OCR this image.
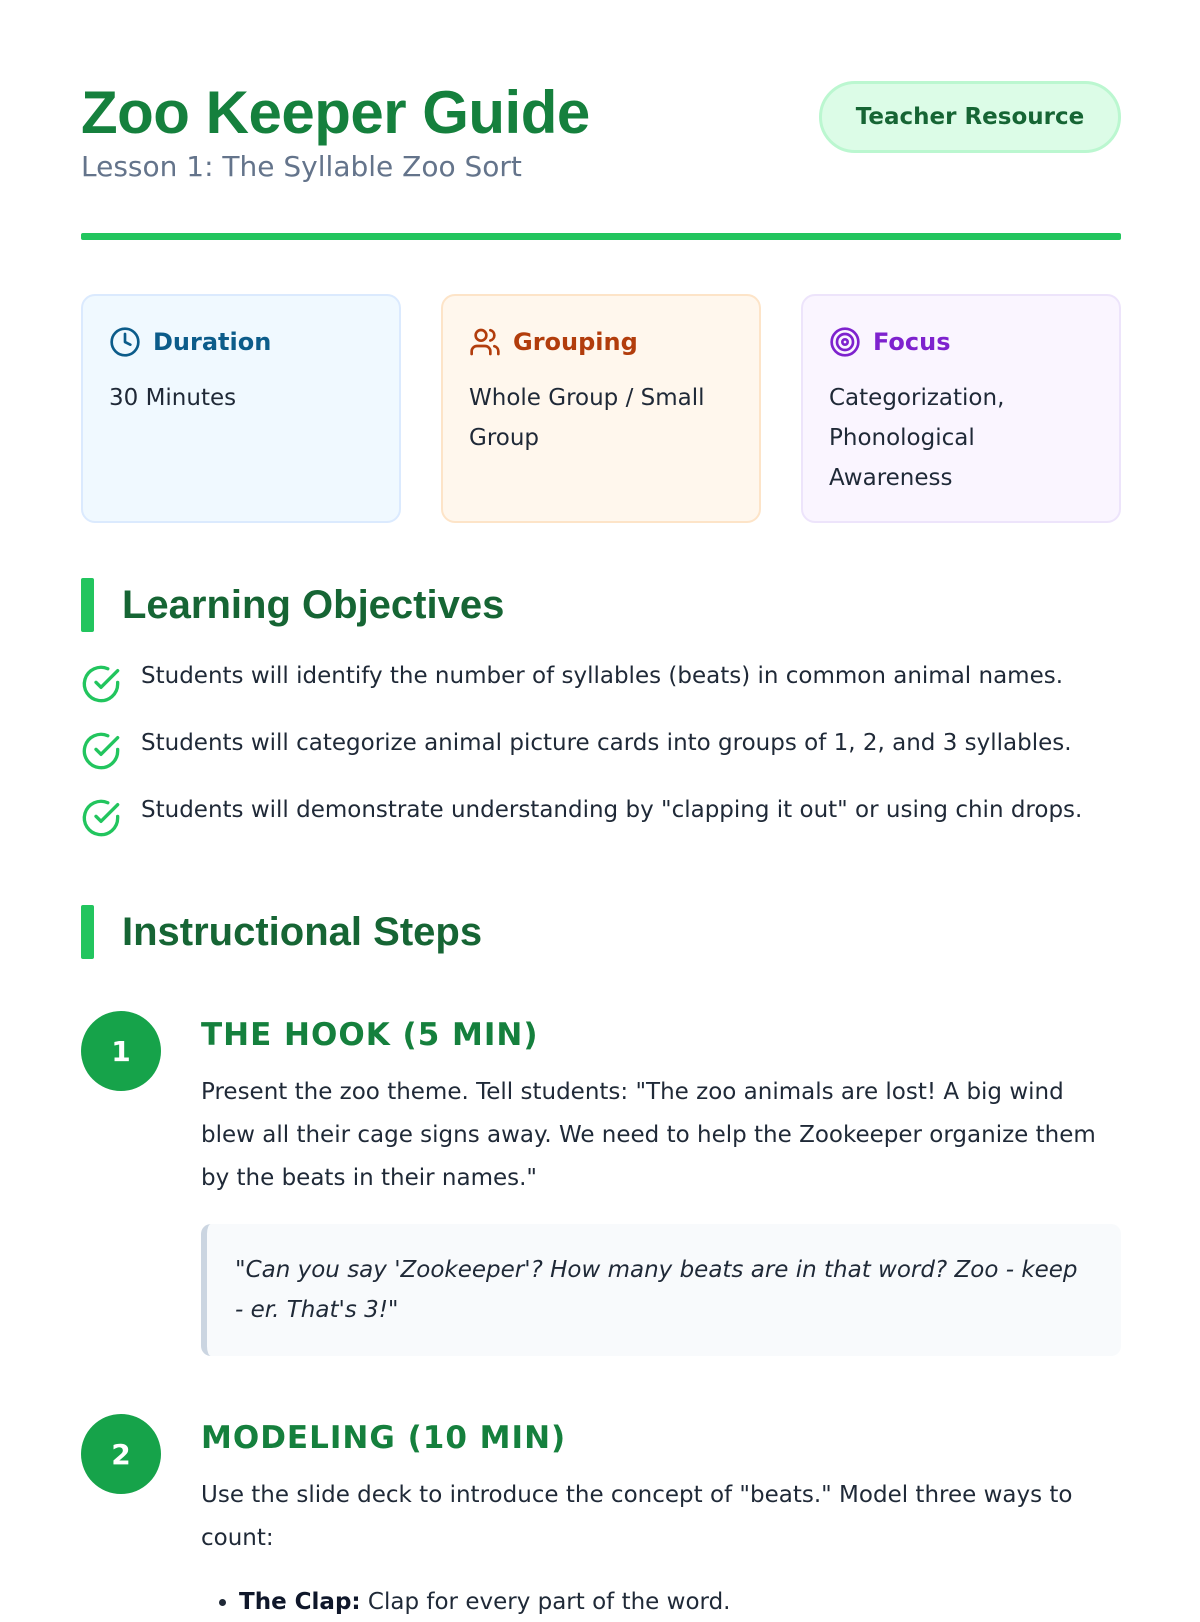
Zoo Keeper Guide
Lesson 1: The Syllable Zoo Sort
Teacher Resource
Duration
30 Minutes
Grouping
Whole Group / Small Group
Focus
Categorization, Phonological Awareness
Learning Objectives
Students will identify the number of syllables (beats) in common animal names.
Students will categorize animal picture cards into groups of 1, 2, and 3 syllables.
Students will demonstrate understanding by "clapping it out" or using chin drops.
Instructional Steps
1	THE HOOK (5 MIN)

Present the zoo theme. Tell students: "The zoo animals are lost! A big wind blew all their cage signs away. We need to help the Zookeeper organize them by the beats in their names."

"Can you say 'Zookeeper'? How many beats are in that word? Zoo - keep - er. That's 3!"
2	MODELING (10 MIN)

Use the slide deck to introduce the concept of "beats." Model three ways to count:

• The Clap: Clap for every part of the word.
